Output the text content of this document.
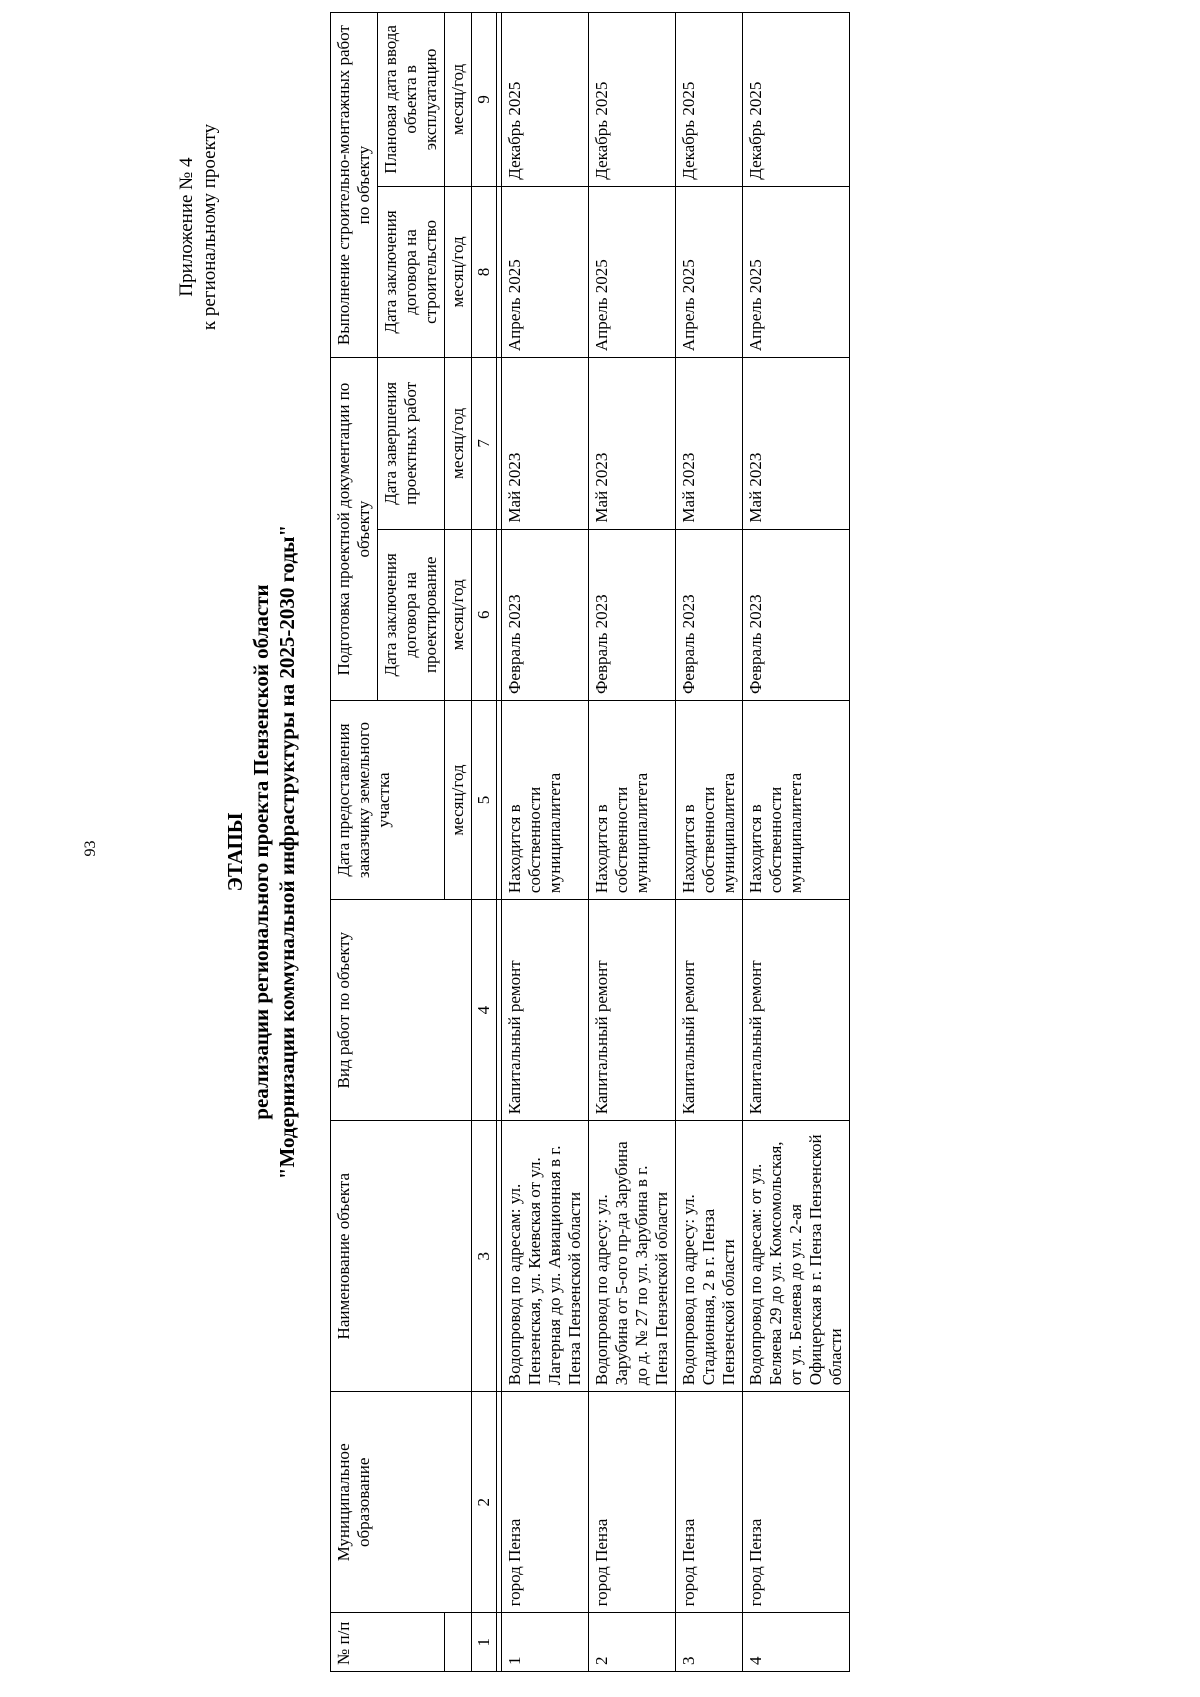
93
Приложение № 4 к региональному проекту
ЭТАПЫ реализации регионального проекта Пензенской области "Модернизации коммунальной инфраструктуры на 2025-2030 годы"
№ п/п	Муниципальное образование	Наименование объекта	Вид работ по объекту	Дата предоставления заказчику земельного участка	Подготовка проектной документации по объекту		Выполнение строительно-монтажных работ по объекту	
					Дата заключения договора на проектирование	Дата завершения проектных работ	Дата заключения договора на строительство	Плановая дата ввода объекта в эксплуатацию
				месяц/год	месяц/год	месяц/год	месяц/год	месяц/год
1	2	3	4	5	6	7	8	9

1	город Пенза	Водопровод по адресам: ул. Пензенская, ул. Киевская от ул. Лагерная до ул. Авиационная в г. Пенза Пензенской области	Капитальный ремонт	Находится в собственности муниципалитета	Февраль 2023	Май 2023	Апрель 2025	Декабрь 2025
2	город Пенза	Водопровод по адресу: ул. Зарубина от 5-ого пр-да Зарубина до д. № 27 по ул. Зарубина в г. Пенза Пензенской области	Капитальный ремонт	Находится в собственности муниципалитета	Февраль 2023	Май 2023	Апрель 2025	Декабрь 2025
3	город Пенза	Водопровод по адресу: ул. Стадионная, 2 в г. Пенза Пензенской области	Капитальный ремонт	Находится в собственности муниципалитета	Февраль 2023	Май 2023	Апрель 2025	Декабрь 2025
4	город Пенза	Водопровод по адресам: от ул. Беляева 29 до ул. Комсомольская, от ул. Беляева до ул. 2-ая Офицерская в г. Пенза Пензенской области	Капитальный ремонт	Находится в собственности муниципалитета	Февраль 2023	Май 2023	Апрель 2025	Декабрь 2025
